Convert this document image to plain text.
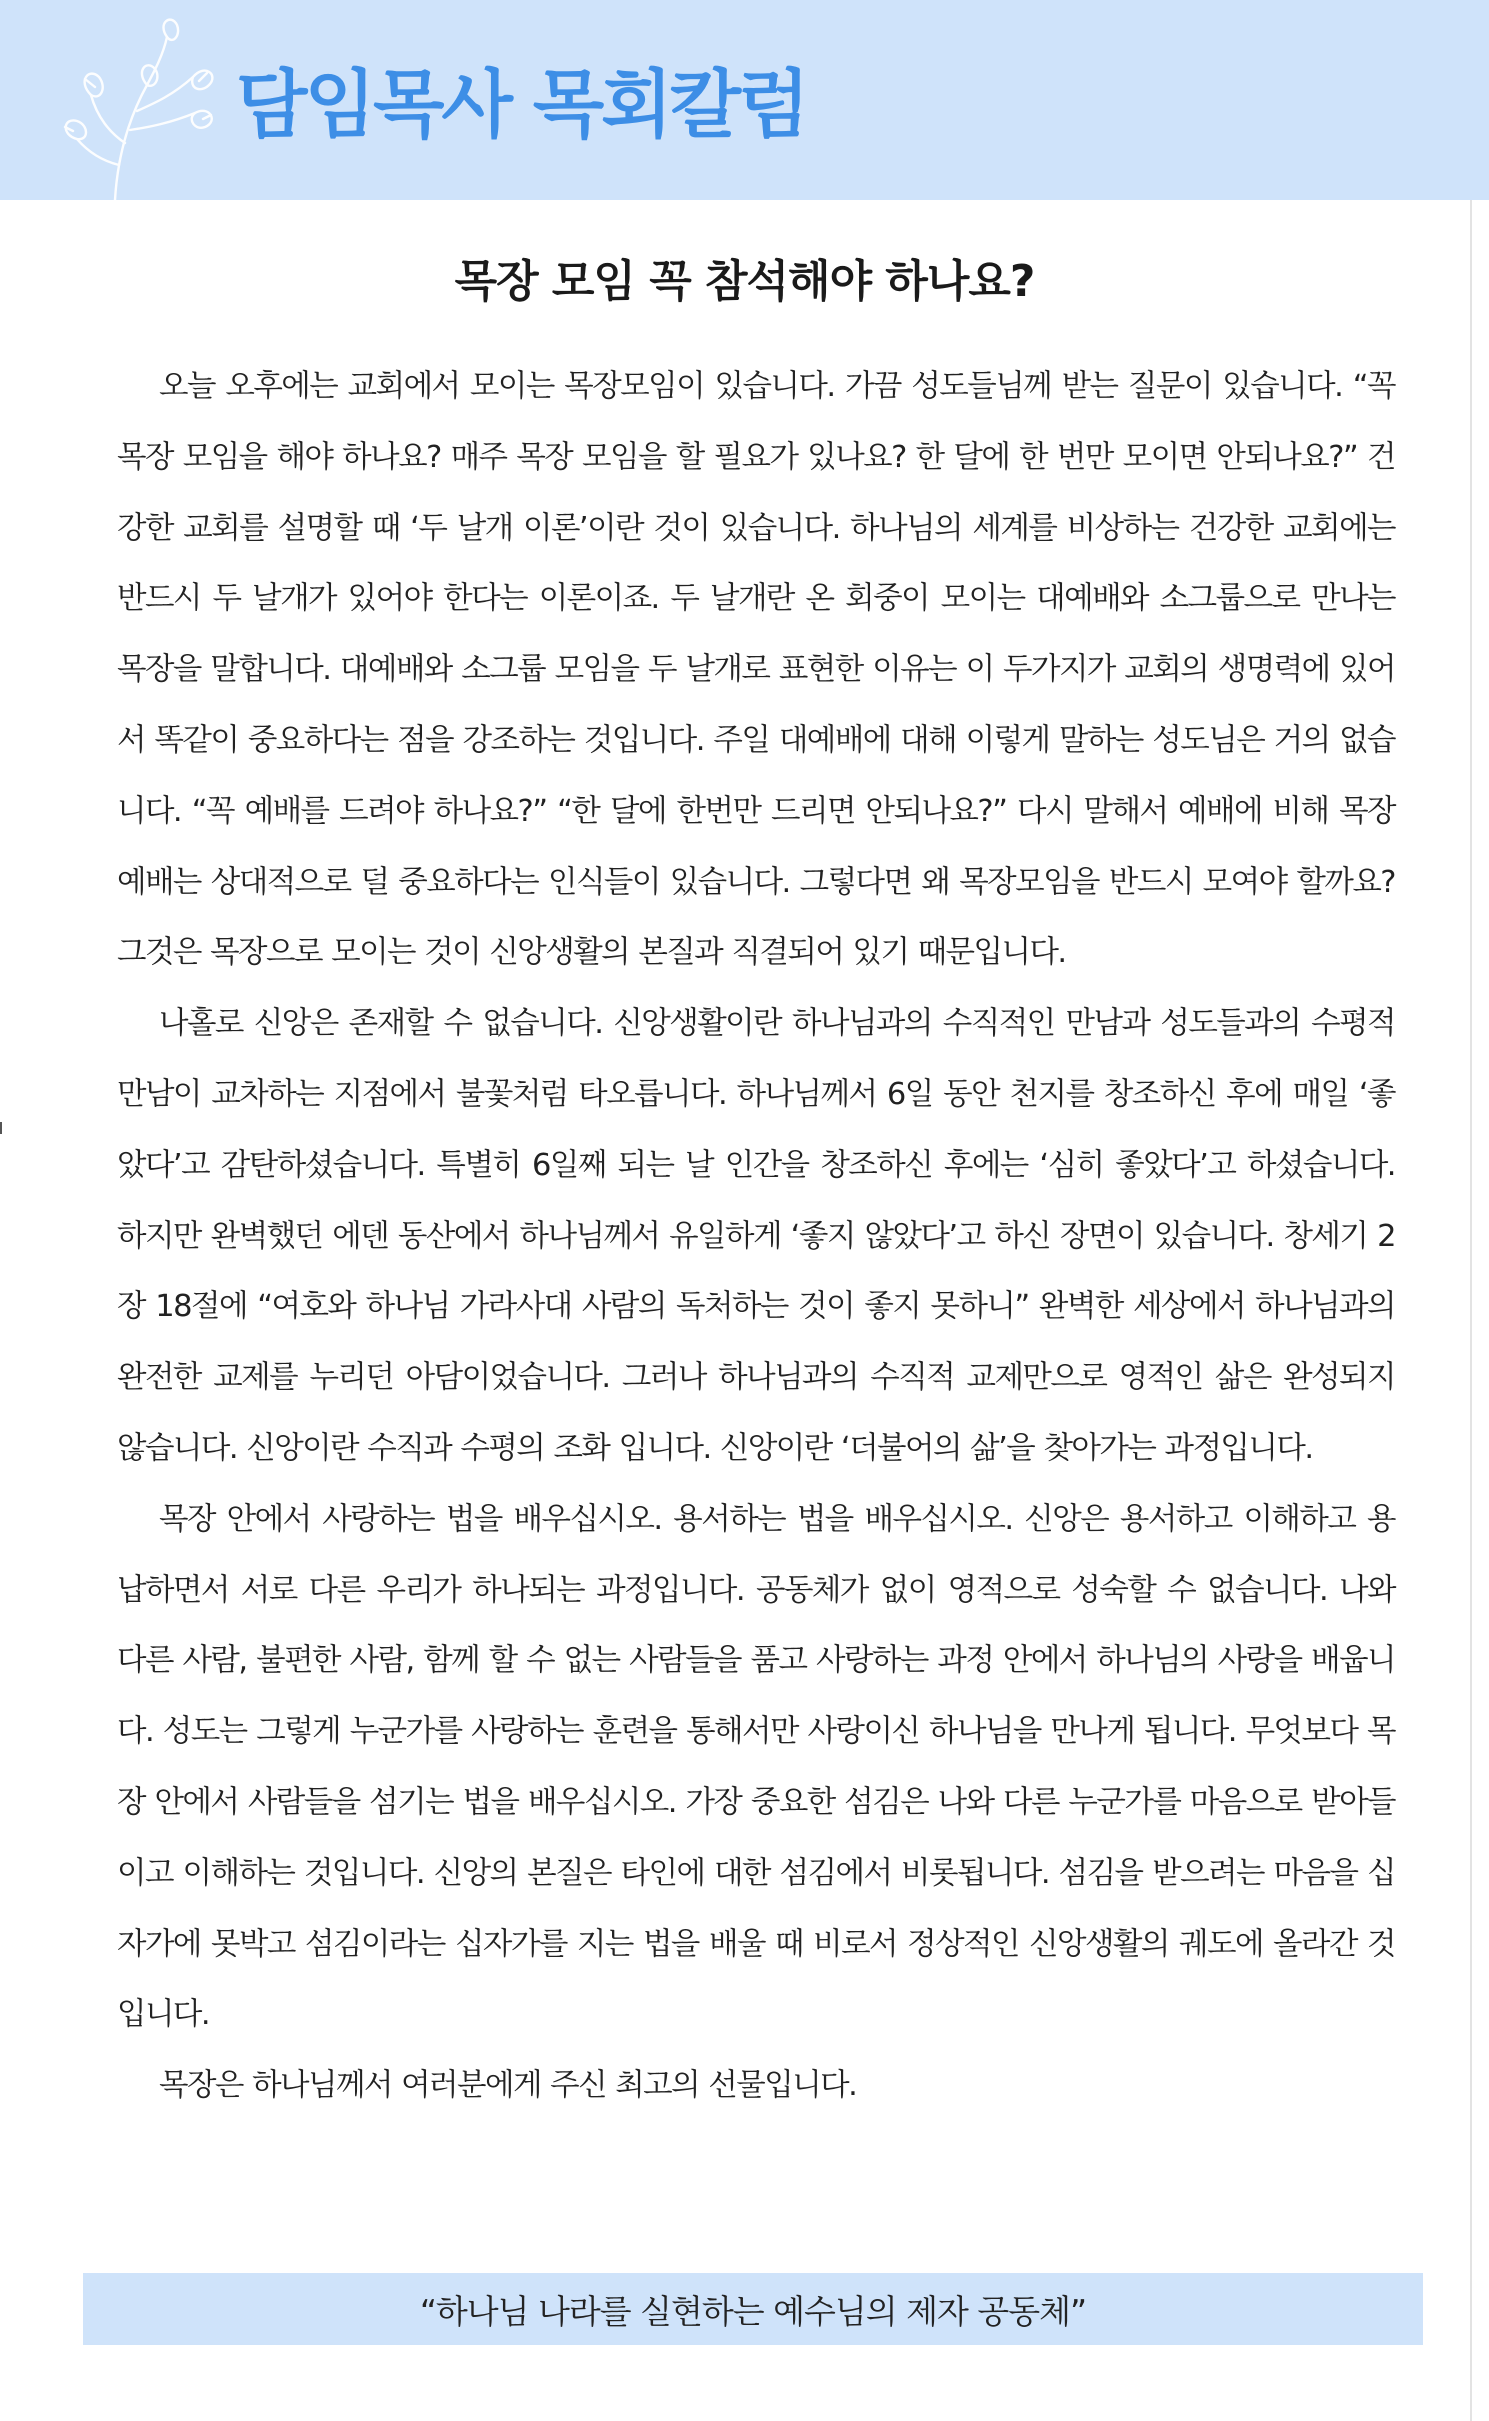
담임목사 목회칼럼
목장 모임 꼭 참석해야 하나요?

오늘 오후에는 교회에서 모이는 목장모임이 있습니다. 가끔 성도들님께 받는 질문이 있습니다. “꼭 목장 모임을 해야 하나요? 매주 목장 모임을 할 필요가 있나요? 한 달에 한 번만 모이면 안되나요?” 건강한 교회를 설명할 때 ‘두 날개 이론’이란 것이 있습니다. 하나님의 세계를 비상하는 건강한 교회에는 반드시 두 날개가 있어야 한다는 이론이죠. 두 날개란 온 회중이 모이는 대예배와 소그룹으로 만나는 목장을 말합니다. 대예배와 소그룹 모임을 두 날개로 표현한 이유는 이 두가지가 교회의 생명력에 있어서 똑같이 중요하다는 점을 강조하는 것입니다. 주일 대예배에 대해 이렇게 말하는 성도님은 거의 없습니다. “꼭 예배를 드려야 하나요?” “한 달에 한번만 드리면 안되나요?” 다시 말해서 예배에 비해 목장예배는 상대적으로 덜 중요하다는 인식들이 있습니다. 그렇다면 왜 목장모임을 반드시 모여야 할까요? 그것은 목장으로 모이는 것이 신앙생활의 본질과 직결되어 있기 때문입니다.

나홀로 신앙은 존재할 수 없습니다. 신앙생활이란 하나님과의 수직적인 만남과 성도들과의 수평적 만남이 교차하는 지점에서 불꽃처럼 타오릅니다. 하나님께서 6일 동안 천지를 창조하신 후에 매일 ‘좋았다’고 감탄하셨습니다. 특별히 6일째 되는 날 인간을 창조하신 후에는 ‘심히 좋았다’고 하셨습니다. 하지만 완벽했던 에덴 동산에서 하나님께서 유일하게 ‘좋지 않았다’고 하신 장면이 있습니다. 창세기 2장 18절에 “여호와 하나님 가라사대 사람의 독처하는 것이 좋지 못하니” 완벽한 세상에서 하나님과의 완전한 교제를 누리던 아담이었습니다. 그러나 하나님과의 수직적 교제만으로 영적인 삶은 완성되지 않습니다. 신앙이란 수직과 수평의 조화 입니다. 신앙이란 ‘더불어의 삶’을 찾아가는 과정입니다.

목장 안에서 사랑하는 법을 배우십시오. 용서하는 법을 배우십시오. 신앙은 용서하고 이해하고 용납하면서 서로 다른 우리가 하나되는 과정입니다. 공동체가 없이 영적으로 성숙할 수 없습니다. 나와 다른 사람, 불편한 사람, 함께 할 수 없는 사람들을 품고 사랑하는 과정 안에서 하나님의 사랑을 배웁니다. 성도는 그렇게 누군가를 사랑하는 훈련을 통해서만 사랑이신 하나님을 만나게 됩니다. 무엇보다 목장 안에서 사람들을 섬기는 법을 배우십시오. 가장 중요한 섬김은 나와 다른 누군가를 마음으로 받아들이고 이해하는 것입니다. 신앙의 본질은 타인에 대한 섬김에서 비롯됩니다. 섬김을 받으려는 마음을 십자가에 못박고 섬김이라는 십자가를 지는 법을 배울 때 비로서 정상적인 신앙생활의 궤도에 올라간 것입니다.

목장은 하나님께서 여러분에게 주신 최고의 선물입니다.

“하나님 나라를 실현하는 예수님의 제자 공동체”
